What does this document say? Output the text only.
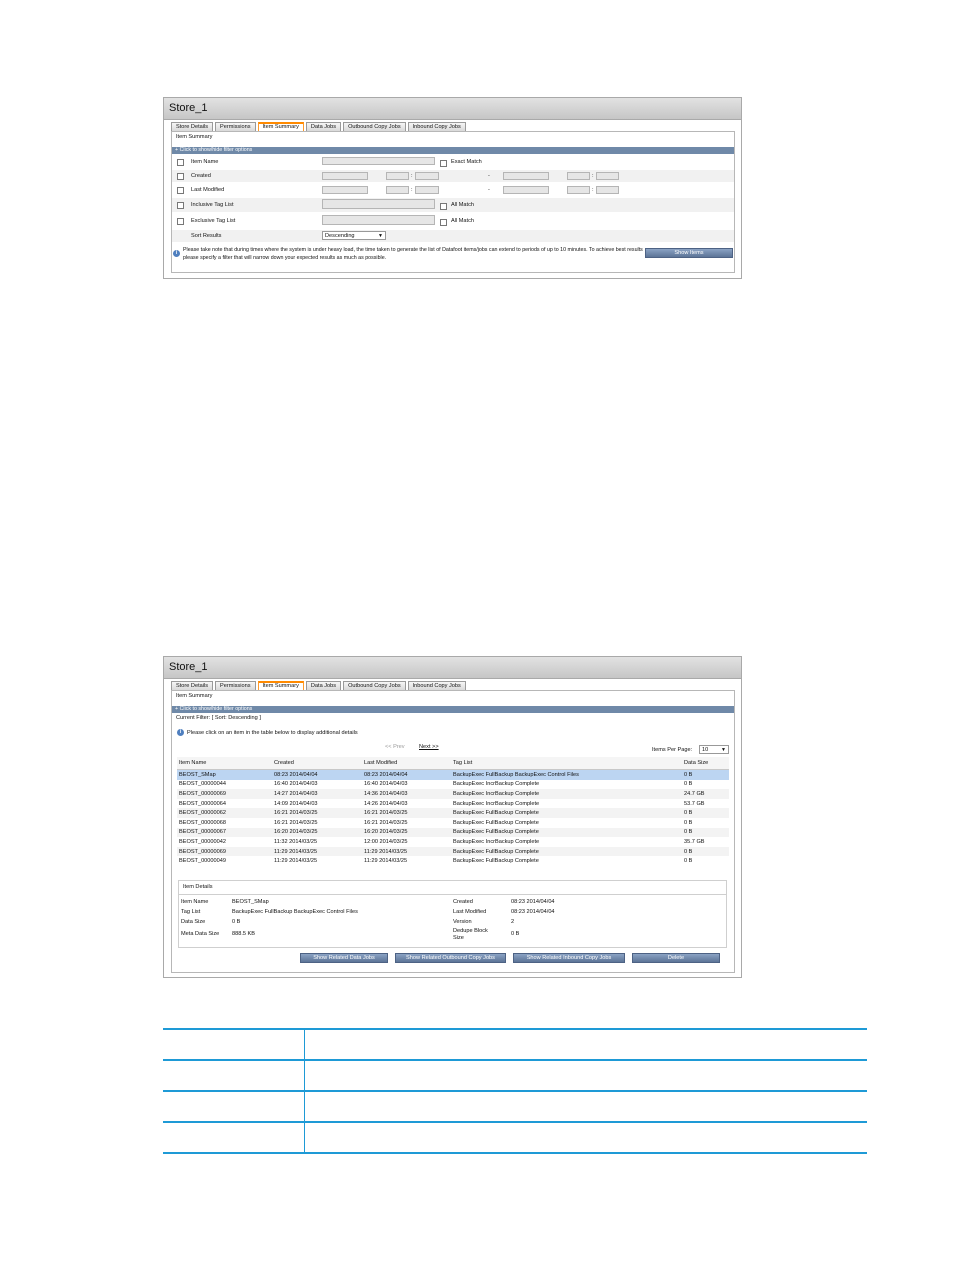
Store_1
Store Details	Permissions	Item Summary	Data Jobs	Outbound Copy Jobs	Inbound Copy Jobs
Item Summary
+ Click to show/hide filter options
Item Name	Exact Match
Created	:	-	:
Last Modified	:	-	:
Inclusive Tag List	All Match
Exclusive Tag List	All Match
Sort Results	Descending	▼
i	Please take note that during times where the system is under heavy load, the time taken to generate the list of Datafoot items/jobs can extend to periods of up to 10 minutes. To achieve best results please specify a filter that will narrow down your expected results as much as possible.
Show Items
Store_1
Store Details	Permissions	Item Summary	Data Jobs	Outbound Copy Jobs	Inbound Copy Jobs
Item Summary
+ Click to show/hide filter options
Current Filter: [ Sort: Descending ]
i	Please click on an item in the table below to display additional details
<< Prev	Next >>	Items Per Page:	10	▼
Item Name	Created	Last Modified	Tag List	Data Size
BEOST_SMap	08:23 2014/04/04	08:23 2014/04/04	BackupExec FullBackup BackupExec Control Files	0 B
BEOST_00000044	16:40 2014/04/03	16:40 2014/04/03	BackupExec IncrBackup Complete	0 B
BEOST_00000069	14:27 2014/04/03	14:36 2014/04/03	BackupExec IncrBackup Complete	24.7 GB
BEOST_00000064	14:09 2014/04/03	14:26 2014/04/03	BackupExec IncrBackup Complete	53.7 GB
BEOST_00000062	16:21 2014/03/25	16:21 2014/03/25	BackupExec FullBackup Complete	0 B
BEOST_00000068	16:21 2014/03/25	16:21 2014/03/25	BackupExec FullBackup Complete	0 B
BEOST_00000067	16:20 2014/03/25	16:20 2014/03/25	BackupExec FullBackup Complete	0 B
BEOST_00000042	11:32 2014/03/25	12:00 2014/03/25	BackupExec IncrBackup Complete	35.7 GB
BEOST_00000069	11:29 2014/03/25	11:29 2014/03/25	BackupExec FullBackup Complete	0 B
BEOST_00000049	11:29 2014/03/25	11:29 2014/03/25	BackupExec FullBackup Complete	0 B
Item Details
Item Name	BEOST_SMap
Tag List	BackupExec FullBackup BackupExec Control Files
Data Size	0 B
Meta Data Size 888.5 KB
Created	08:23 2014/04/04
Last Modified	08:23 2014/04/04
Version	2
Dedupe Block Size
0 B
Show Related Data Jobs	Show Related Outbound Copy Jobs	Show Related Inbound Copy Jobs	Delete
